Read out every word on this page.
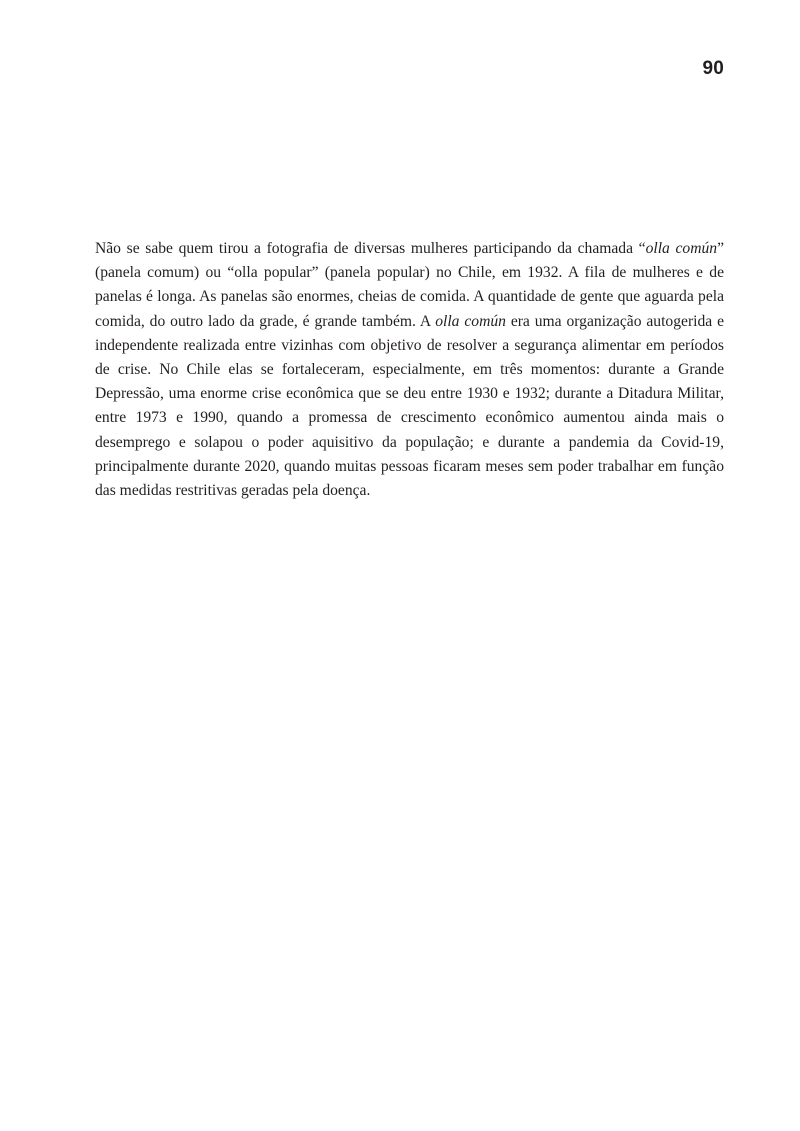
90

Não se sabe quem tirou a fotografia de diversas mulheres participando da chamada “olla común” (panela comum) ou “olla popular” (panela popular) no Chile, em 1932. A fila de mulheres e de panelas é longa. As panelas são enormes, cheias de comida. A quantidade de gente que aguarda pela comida, do outro lado da grade, é grande também. A olla común era uma organização autogerida e independente realizada entre vizinhas com objetivo de resolver a segurança alimentar em períodos de crise. No Chile elas se fortaleceram, especialmente, em três momentos: durante a Grande Depressão, uma enorme crise econômica que se deu entre 1930 e 1932; durante a Ditadura Militar, entre 1973 e 1990, quando a promessa de crescimento econômico aumentou ainda mais o desemprego e solapou o poder aquisitivo da população; e durante a pandemia da Covid-19, principalmente durante 2020, quando muitas pessoas ficaram meses sem poder trabalhar em função das medidas restritivas geradas pela doença.
